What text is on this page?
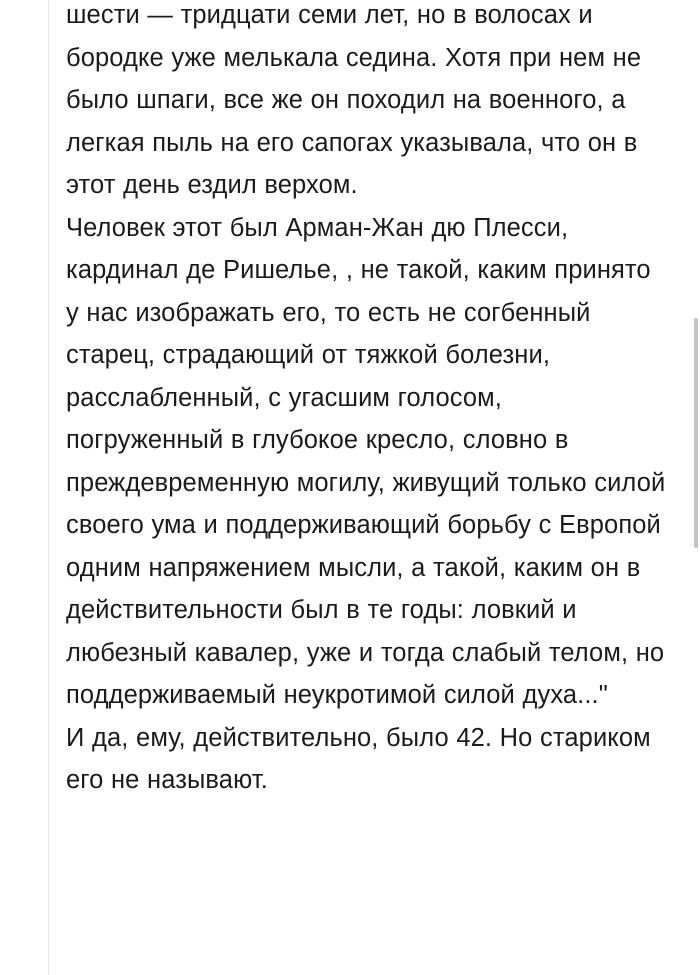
шести — тридцати семи лет, но в волосах и бородке уже мелькала седина. Хотя при нем не было шпаги, все же он походил на военного, а легкая пыль на его сапогах указывала, что он в этот день ездил верхом.

Человек этот был Арман-Жан дю Плесси, кардинал де Ришелье, , не такой, каким принято у нас изображать его, то есть не согбенный старец, страдающий от тяжкой болезни, расслабленный, с угасшим голосом, погруженный в глубокое кресло, словно в преждевременную могилу, живущий только силой своего ума и поддерживающий борьбу с Европой одним напряжением мысли, а такой, каким он в действительности был в те годы: ловкий и любезный кавалер, уже и тогда слабый телом, но поддерживаемый неукротимой силой духа..."

И да, ему, действительно, было 42. Но стариком его не называют.
